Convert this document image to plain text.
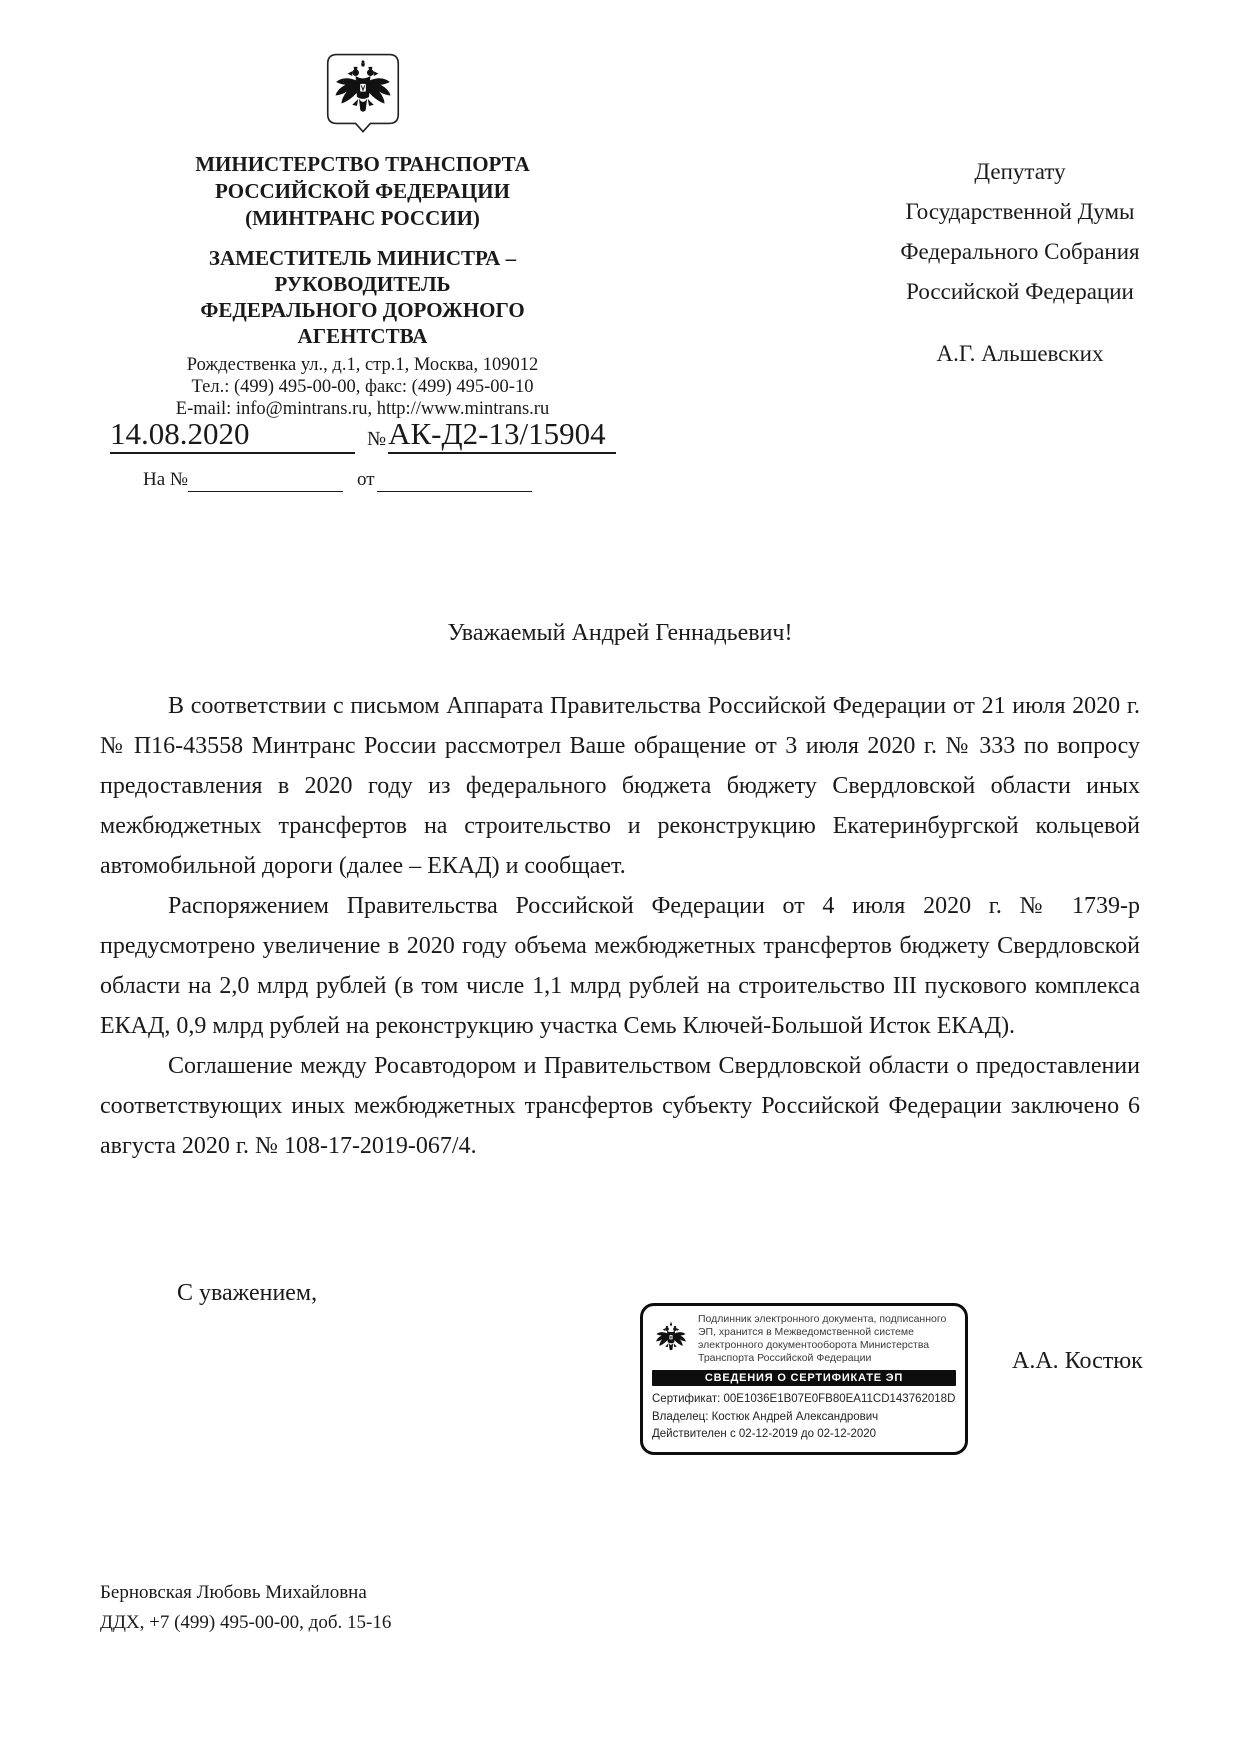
МИНИСТЕРСТВО ТРАНСПОРТА
РОССИЙСКОЙ ФЕДЕРАЦИИ
(МИНТРАНС РОССИИ)
ЗАМЕСТИТЕЛЬ МИНИСТРА –
РУКОВОДИТЕЛЬ
ФЕДЕРАЛЬНОГО ДОРОЖНОГО
АГЕНТСТВА
Рождественка ул., д.1, стр.1, Москва, 109012
Тел.: (499) 495-00-00, факс: (499) 495-00-10
E-mail: info@mintrans.ru, http://www.mintrans.ru
14.08.2020	№ АК-Д2-13/15904
На №	от
Депутату
Государственной Думы
Федерального Собрания
Российской Федерации
А.Г. Альшевских
Уважаемый Андрей Геннадьевич!

В соответствии с письмом Аппарата Правительства Российской Федерации от 21 июля 2020 г. № П16-43558 Минтранс России рассмотрел Ваше обращение от 3 июля 2020 г. № 333 по вопросу предоставления в 2020 году из федерального бюджета бюджету Свердловской области иных межбюджетных трансфертов на строительство и реконструкцию Екатеринбургской кольцевой автомобильной дороги (далее – ЕКАД) и сообщает.

Распоряжением Правительства Российской Федерации от 4 июля 2020 г. № 1739-р предусмотрено увеличение в 2020 году объема межбюджетных трансфертов бюджету Свердловской области на 2,0 млрд рублей (в том числе 1,1 млрд рублей на строительство III пускового комплекса ЕКАД, 0,9 млрд рублей на реконструкцию участка Семь Ключей-Большой Исток ЕКАД).

Соглашение между Росавтодором и Правительством Свердловской области о предоставлении соответствующих иных межбюджетных трансфертов субъекту Российской Федерации заключено 6 августа 2020 г. № 108-17-2019-067/4.

С уважением,
Подлинник электронного документа, подписанного ЭП, хранится в Межведомственной системе электронного документооборота Министерства Транспорта Российской Федерации
СВЕДЕНИЯ О СЕРТИФИКАТЕ ЭП
Сертификат: 00E1036E1B07E0FB80EA11CD143762018D
Владелец: Костюк Андрей Александрович
Действителен с 02-12-2019 до 02-12-2020
А.А. Костюк
Берновская Любовь Михайловна
ДДХ, +7 (499) 495-00-00, доб. 15-16
